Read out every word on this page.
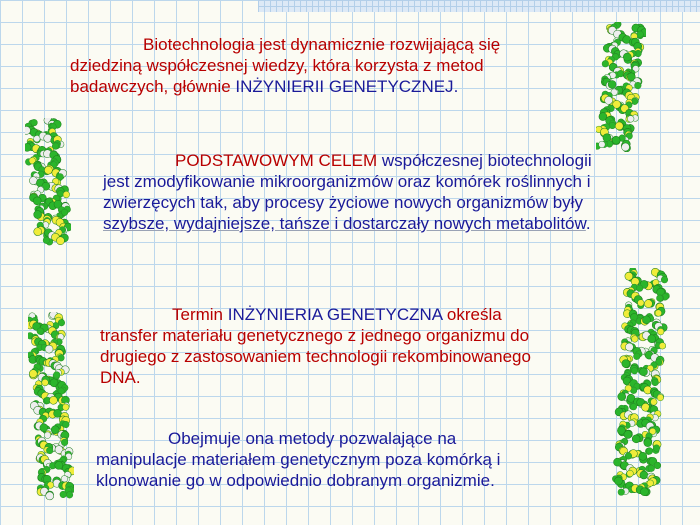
Biotechnologia jest dynamicznie rozwijającą się
dziedziną współczesnej wiedzy, która korzysta z metod
badawczych, głównie INŻYNIERII GENETYCZNEJ.

PODSTAWOWYM CELEM współczesnej biotechnologii
jest zmodyfikowanie mikroorganizmów oraz komórek roślinnych i
zwierzęcych tak, aby procesy życiowe nowych organizmów były
szybsze, wydajniejsze, tańsze i dostarczały nowych metabolitów.

Termin INŻYNIERIA GENETYCZNA określa
transfer materiału genetycznego z jednego organizmu do
drugiego z zastosowaniem technologii rekombinowanego
DNA.

Obejmuje ona metody pozwalające na
manipulacje materiałem genetycznym poza komórką i
klonowanie go w odpowiednio dobranym organizmie.
